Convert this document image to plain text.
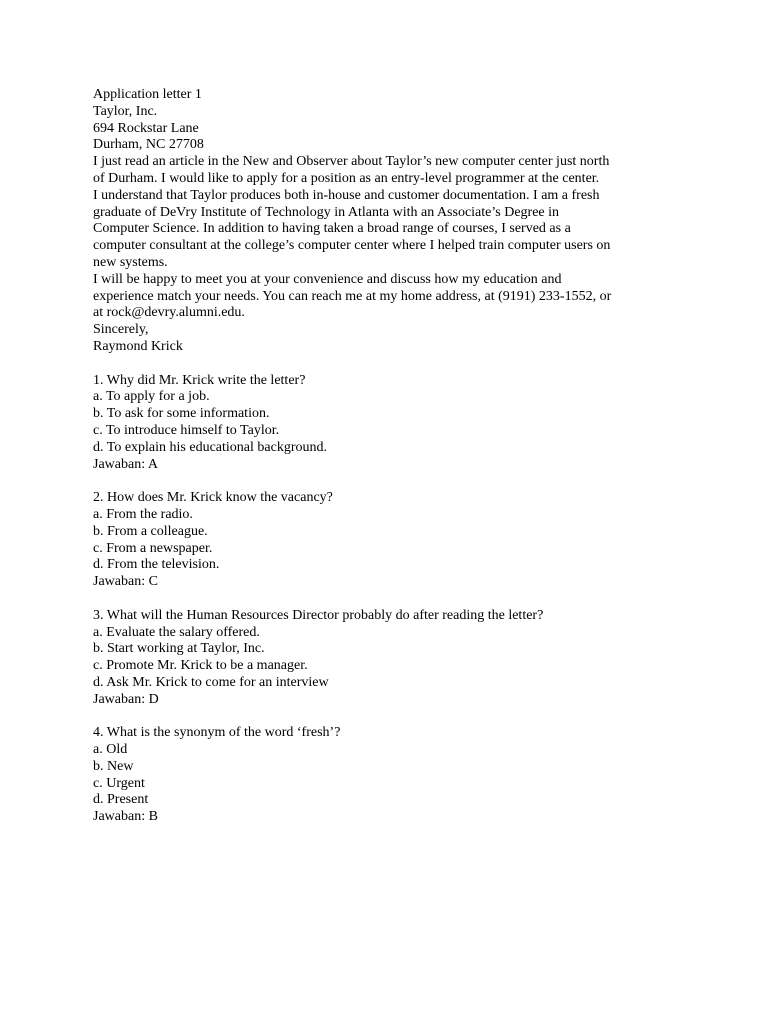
Application letter 1
Taylor, Inc.
694 Rockstar Lane
Durham, NC 27708
I just read an article in the New and Observer about Taylor’s new computer center just north
of Durham. I would like to apply for a position as an entry-level programmer at the center.
I understand that Taylor produces both in-house and customer documentation. I am a fresh
graduate of DeVry Institute of Technology in Atlanta with an Associate’s Degree in
Computer Science. In addition to having taken a broad range of courses, I served as a
computer consultant at the college’s computer center where I helped train computer users on
new systems.
I will be happy to meet you at your convenience and discuss how my education and
experience match your needs. You can reach me at my home address, at (9191) 233-1552, or
at rock@devry.alumni.edu.
Sincerely,
Raymond Krick
1. Why did Mr. Krick write the letter?
a. To apply for a job.
b. To ask for some information.
c. To introduce himself to Taylor.
d. To explain his educational background.
Jawaban: A
2. How does Mr. Krick know the vacancy?
a. From the radio.
b. From a colleague.
c. From a newspaper.
d. From the television.
Jawaban: C
3. What will the Human Resources Director probably do after reading the letter?
a. Evaluate the salary offered.
b. Start working at Taylor, Inc.
c. Promote Mr. Krick to be a manager.
d. Ask Mr. Krick to come for an interview
Jawaban: D
4. What is the synonym of the word ‘fresh’?
a. Old
b. New
c. Urgent
d. Present
Jawaban: B
